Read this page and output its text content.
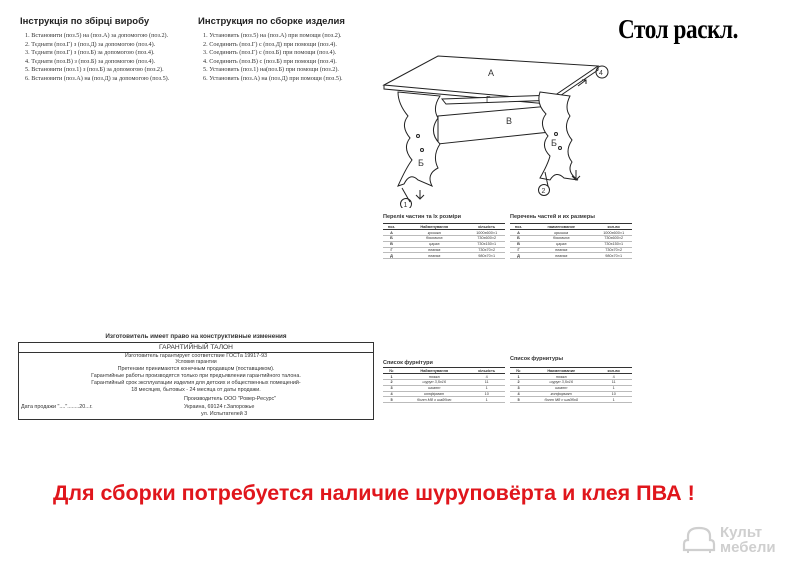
Інструкція по збірці виробу
1. Встановити (поз.5) на (поз.А) за допомогою (поз.2).
2. Тєднати (поз.Г) з (поз.Д) за допомогою (поз.4).
3. Тєднати (поз.Г) з (поз.Б) за допомогою (поз.4).
4. Тєднати (поз.В) з (поз.Б) за допомогою (поз.4).
5. Встановити (поз.1) з (поз.Б) за допомогою (поз.2).
6. Встановити (поз.А) на (поз.Д) за допомогою (поз.5).
Инструкция по сборке изделия
1. Установить (поз.5) на (поз.А) при помощи (поз.2).
2. Соединить (поз.Г) с (поз.Д) при помощи (поз.4).
3. Соединить (поз.Г) с (поз.Б) при помощи (поз.4).
4. Соединить (поз.В) с (поз.Б) при помощи (поз.4).
5. Установить (поз.1) на(поз.Б) при помощи (поз.2).
6. Установить (поз.А) на (поз.Д) при помощи (поз.5).
Стол раскл.
А
Г
В
Б
Б
4
1
2
Перелік частин та їх розміри
поз.	Найменування	кількість
А	кришка	1000х600×1
Б	боковина	730х600×2
В	царга	730х150×1
Г	планка	730х70×2
Д	планка	980х70×1
Перечень частей и их размеры
поз.	наименование	кол-во
А	крышка	1000х600×1
Б	боковина	730х600×2
В	царга	730х150×1
Г	планка	730х70×2
Д	планка	980х70×1
Список фурнітури
№	Найменування	кількість
1	ножка	4
2	шуруп 3,5х16	11
3	шкант	1
4	конфірмат	10
5	болт М8 з шайбою	1
Список фурнитуры
№	Наименование	кол-во
1	ножка	4
2	шуруп 3,5х16	11
3	шкант	1
4	конфирмат	10
5	болт М8 с шайбой	1
Изготовитель имеет право на конструктивные изменения
ГАРАНТИЙНЫЙ ТАЛОН
Изготовитель гарантирует соответствие ГОСТа 19917-93
Условия гарантии
Претензии принимаются конечным продавцом (поставщиком).
Гарантийные работы производятся только при предъявлении гарантийного талона.
Гарантийный срок эксплуатации изделия для детских и общественных помещений-
18 месяцев, бытовых - 24 месяца от даты продажи.
Производитель ООО "Ровер-Ресурс"
Дата продажи "...."........20...г.	Украина, 69124 г.Запорожье
ул. Испытателей 3
Для сборки потребуется наличие шуруповёрта и клея ПВА !
Культ
мебели
